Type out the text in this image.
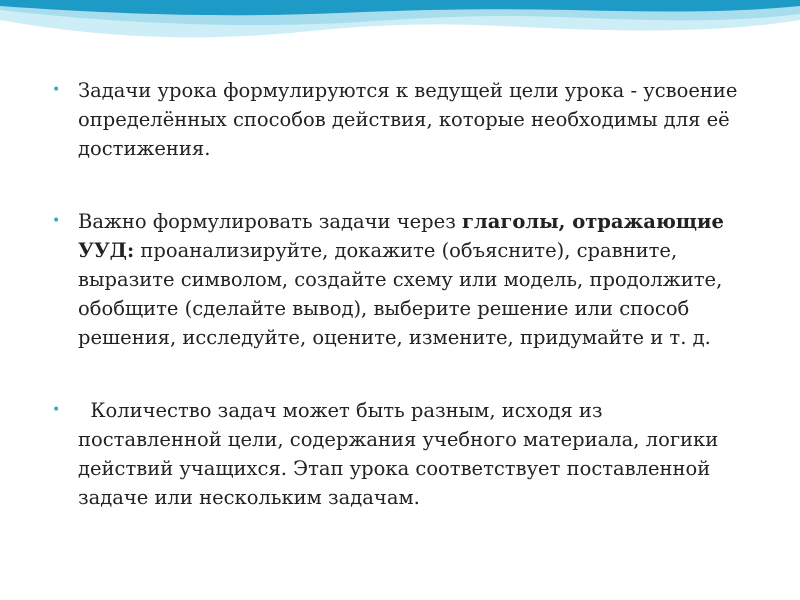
• Задачи урока формулируются к ведущей цели урока - усвоение определённых способов действия, которые необходимы для её достижения.
• Важно формулировать задачи через глаголы, отражающие УУД: проанализируйте, докажите (объясните), сравните, выразите символом, создайте схему или модель, продолжите, обобщите (сделайте вывод), выберите решение или способ решения, исследуйте, оцените, измените, придумайте и т. д.
• Количество задач может быть разным, исходя из поставленной цели, содержания учебного материала, логики действий учащихся. Этап урока соответствует поставленной задаче или нескольким задачам.
